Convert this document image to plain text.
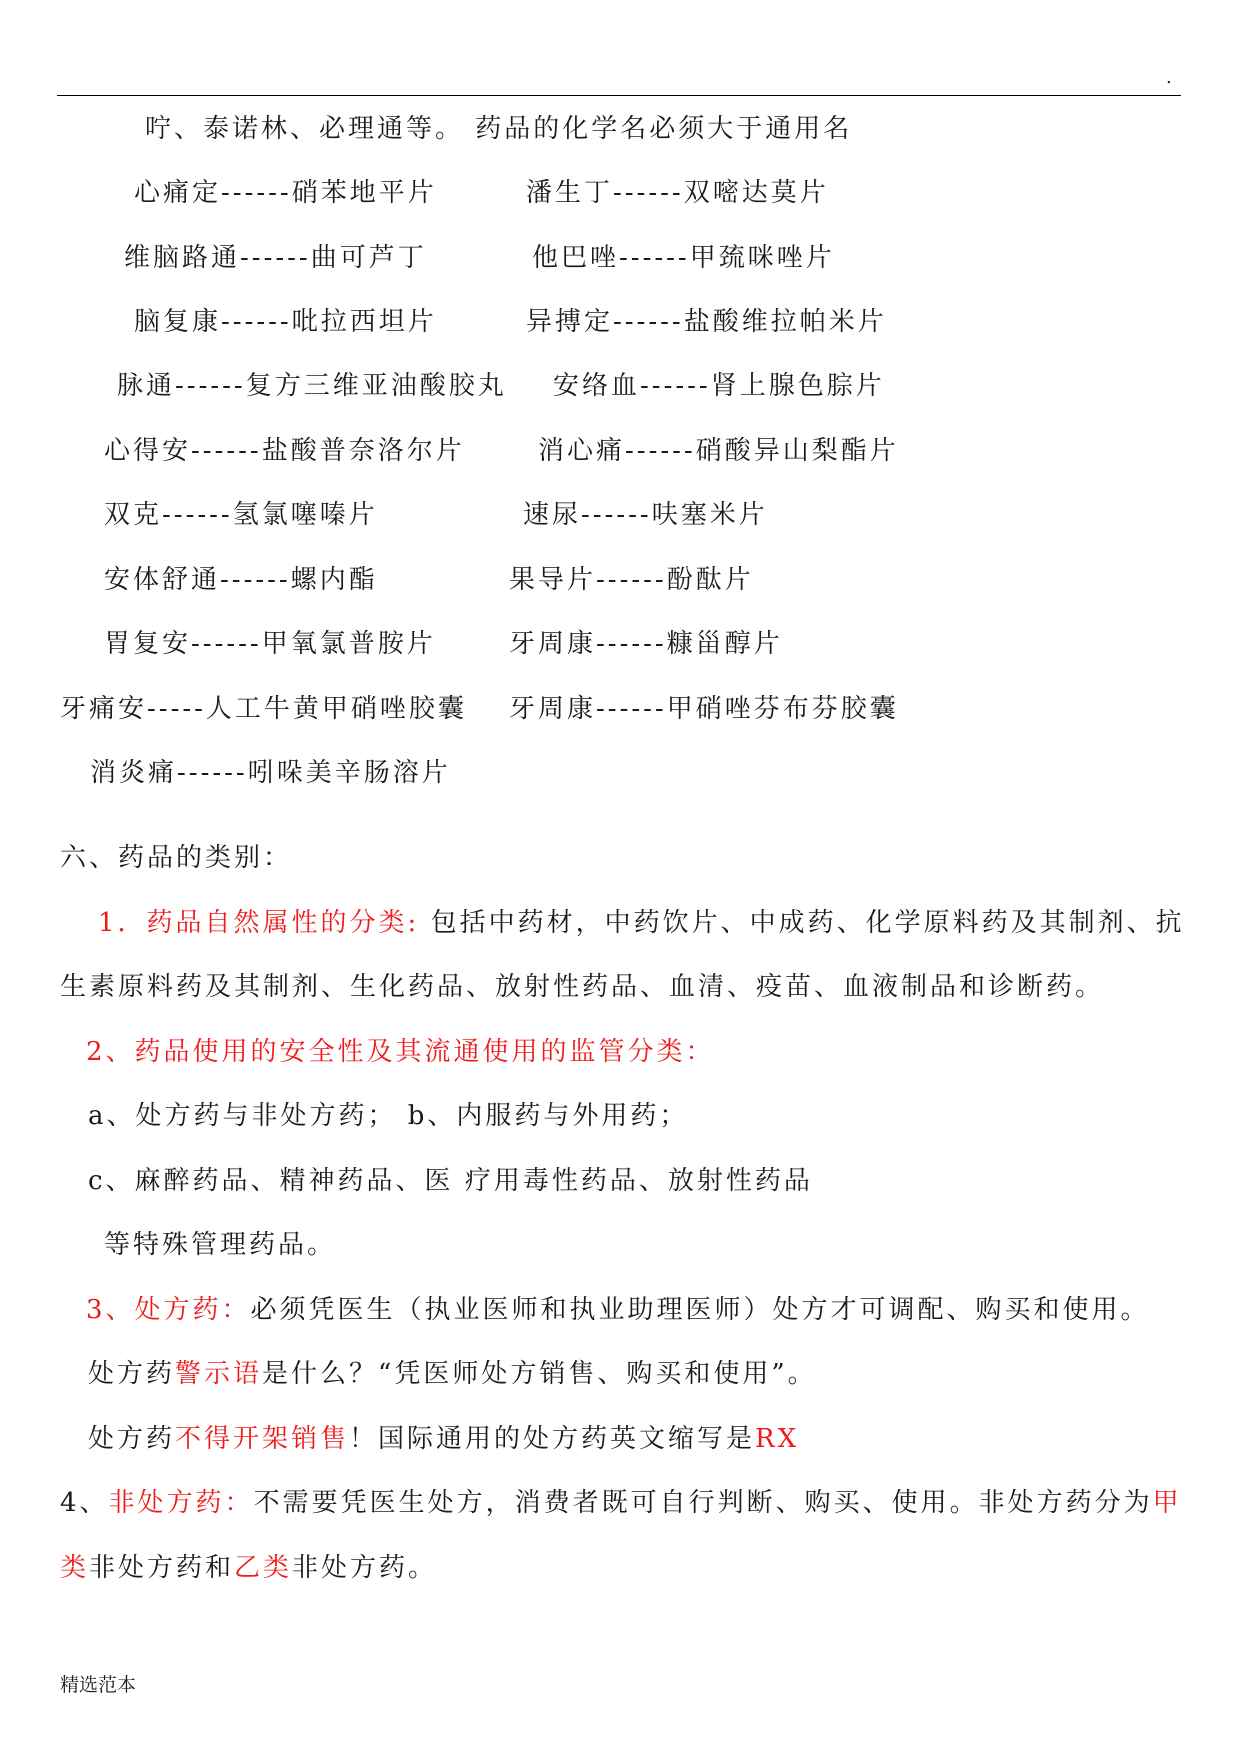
.
咛、泰诺林、必理通等。 药品的化学名必须大于通用名
心痛定------硝苯地平片	潘生丁------双嘧达莫片
维脑路通------曲可芦丁	他巴唑------甲巯咪唑片
脑复康------吡拉西坦片	异搏定------盐酸维拉帕米片
脉通------复方三维亚油酸胶丸 安络血------肾上腺色腙片
心得安------盐酸普奈洛尔片	消心痛------硝酸异山梨酯片
双克------氢氯噻嗪片	速尿------呋塞米片
安体舒通------螺内酯	果导片------酚酞片
胃复安------甲氧氯普胺片	牙周康------糠甾醇片
牙痛安-----人工牛黄甲硝唑胶囊 牙周康------甲硝唑芬布芬胶囊
消炎痛------吲哚美辛肠溶片
六、药品的类别：
1．药品自然属性的分类: 包括中药材，中药饮片、中成药、化学原料药及其制剂、抗
生素原料药及其制剂、生化药品、放射性药品、血清、疫苗、血液制品和诊断药。
2、药品使用的安全性及其流通使用的监管分类：
a、处方药与非处方药； b、内服药与外用药；
c、麻醉药品、精神药品、医 疗用毒性药品、放射性药品
等特殊管理药品。
3、处方药：必须凭医生（执业医师和执业助理医师）处方才可调配、购买和使用。
处方药警示语是什么？“凭医师处方销售、购买和使用”。
处方药不得开架销售！国际通用的处方药英文缩写是RX
4、非处方药：不需要凭医生处方，消费者既可自行判断、购买、使用。非处方药分为甲
类非处方药和乙类非处方药。
精选范本
